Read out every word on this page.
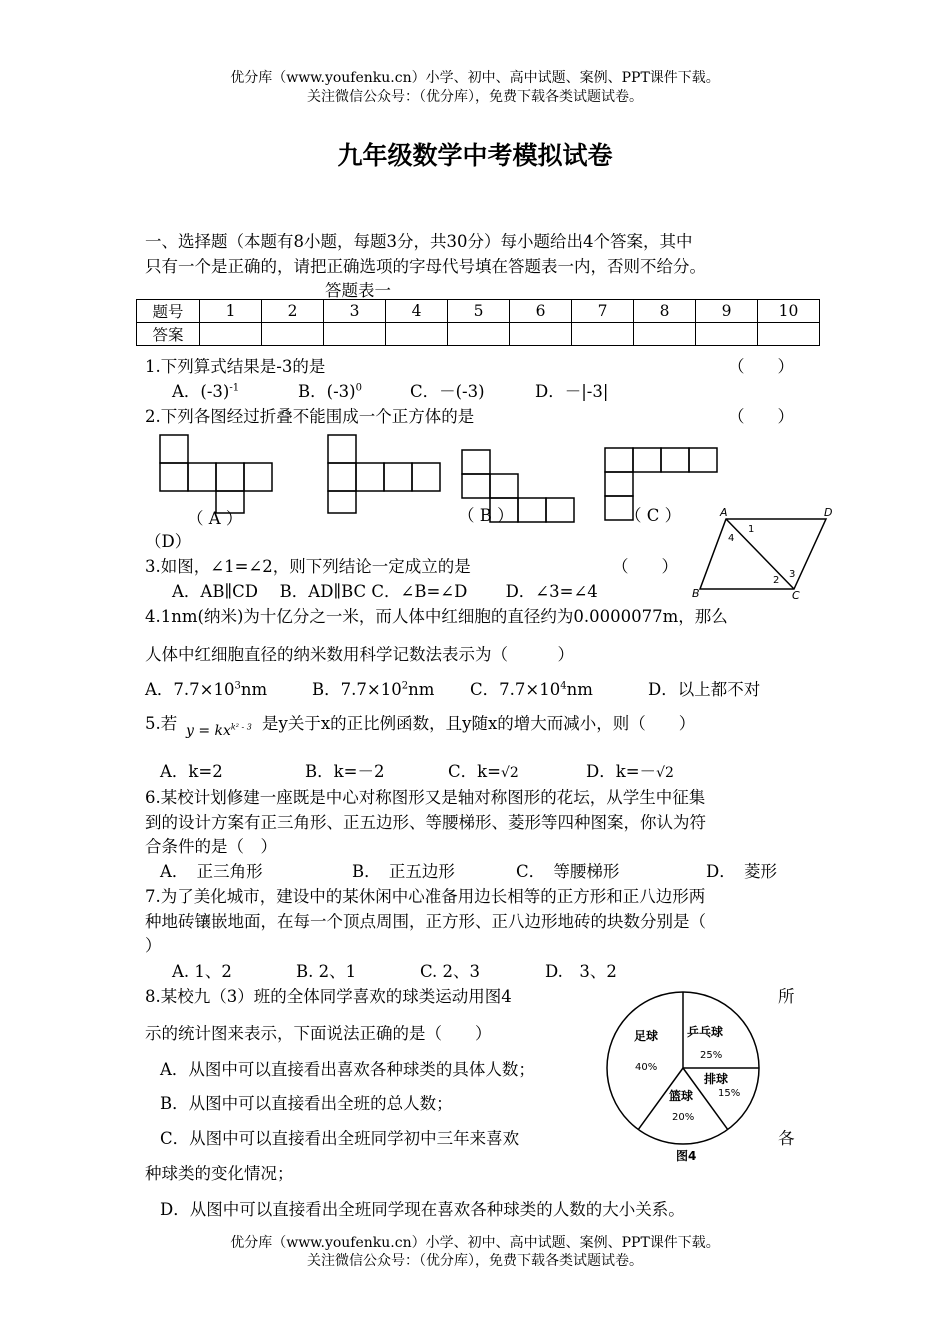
优分库（www.youfenku.cn）小学、初中、高中试题、案例、PPT课件下载。
关注微信公众号：（优分库），免费下载各类试题试卷。
九年级数学中考模拟试卷
一、选择题（本题有8小题，每题3分，共30分）每小题给出4个答案，其中
只有一个是正确的，请把正确选项的字母代号填在答题表一内，否则不给分。
答题表一
题号	1	2	3	4	5	6	7	8	9	10
答案										
1.下列算式结果是-3的是	（　　）
A．$(-3)^{-1}$	B．$(-3)^0$	C．－(-3)	D．－|-3|
2.下列各图经过折叠不能围成一个正方体的是	（　　）
（ A ）	（ B ）	（ C ）
（D）
3.如图，∠1=∠2，则下列结论一定成立的是	（　　）
A．AB∥CD　 B．AD∥BC C．∠B=∠D　　 D．∠3=∠4
A	D
B	C
1
4
2
3
4.1nm(纳米)为十亿分之一米，而人体中红细胞的直径约为0.0000077m，那么
人体中红细胞直径的纳米数用科学记数法表示为（　　　）
A．$7.7\times 10^3nm$	B．$7.7\times 10^2nm$ C．$7.7\times 10^4nm$	D．以上都不对
5.若 $y = kx^{k^2 - 3}$ 是y关于x的正比例函数，且y随x的增大而减小，则（　　）
A．k=2	B．k=－2	C．k=√2	D．k=－√2
6.某校计划修建一座既是中心对称图形又是轴对称图形的花坛，从学生中征集
到的设计方案有正三角形、正五边形、等腰梯形、菱形等四种图案，你认为符
合条件的是（　）
A．　正三角形	B．　正五边形	C．　等腰梯形	D．　菱形
7.为了美化城市，建设中的某休闲中心准备用边长相等的正方形和正八边形两
种地砖镶嵌地面，在每一个顶点周围，正方形、正八边形地砖的块数分别是（
）
A. 1、2	B. 2、1	C. 2、3	D.　3、2
8.某校九（3）班的全体同学喜欢的球类运动用图4	所
示的统计图来表示，下面说法正确的是（　　）
A．从图中可以直接看出喜欢各种球类的具体人数；
B．从图中可以直接看出全班的总人数；
C．从图中可以直接看出全班同学初中三年来喜欢	各
种球类的变化情况；
D．从图中可以直接看出全班同学现在喜欢各种球类的人数的大小关系。
足球 乒乓球
排球
篮球
40%
25%
15%
20%
图4
优分库（www.youfenku.cn）小学、初中、高中试题、案例、PPT课件下载。
关注微信公众号：（优分库），免费下载各类试题试卷。
